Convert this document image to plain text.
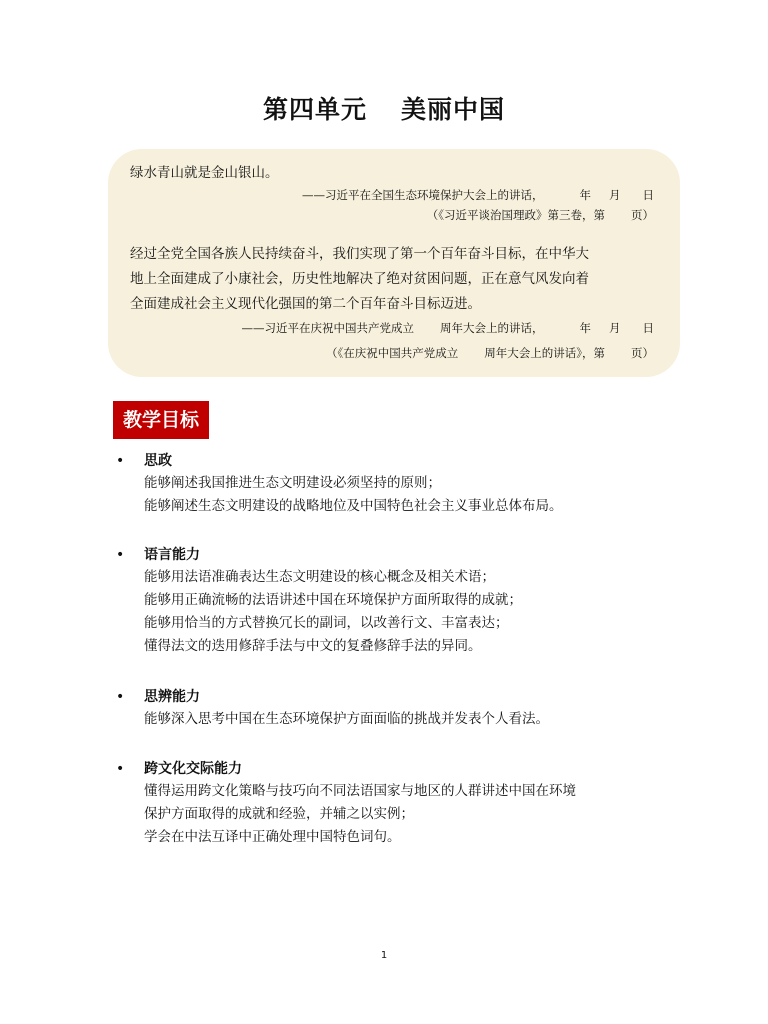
第四单元 美丽中国
绿水青山就是金山银山。
——习近平在全国生态环境保护大会上的讲话，	年 月 日
（《习近平谈治国理政》第三卷，第 页）
经过全党全国各族人民持续奋斗，我们实现了第一个百年奋斗目标，在中华大
地上全面建成了小康社会，历史性地解决了绝对贫困问题，正在意气风发向着
全面建成社会主义现代化强国的第二个百年奋斗目标迈进。
——习近平在庆祝中国共产党成立 周年大会上的讲话，	年 月 日
（《在庆祝中国共产党成立 周年大会上的讲话》，第 页）
教学目标
• 思政
能够阐述我国推进生态文明建设必须坚持的原则；
能够阐述生态文明建设的战略地位及中国特色社会主义事业总体布局。
• 语言能力
能够用法语准确表达生态文明建设的核心概念及相关术语；
能够用正确流畅的法语讲述中国在环境保护方面所取得的成就；
能够用恰当的方式替换冗长的副词，以改善行文、丰富表达；
懂得法文的迭用修辞手法与中文的复叠修辞手法的异同。
• 思辨能力
能够深入思考中国在生态环境保护方面面临的挑战并发表个人看法。
• 跨文化交际能力
懂得运用跨文化策略与技巧向不同法语国家与地区的人群讲述中国在环境
保护方面取得的成就和经验，并辅之以实例；
学会在中法互译中正确处理中国特色词句。
1
